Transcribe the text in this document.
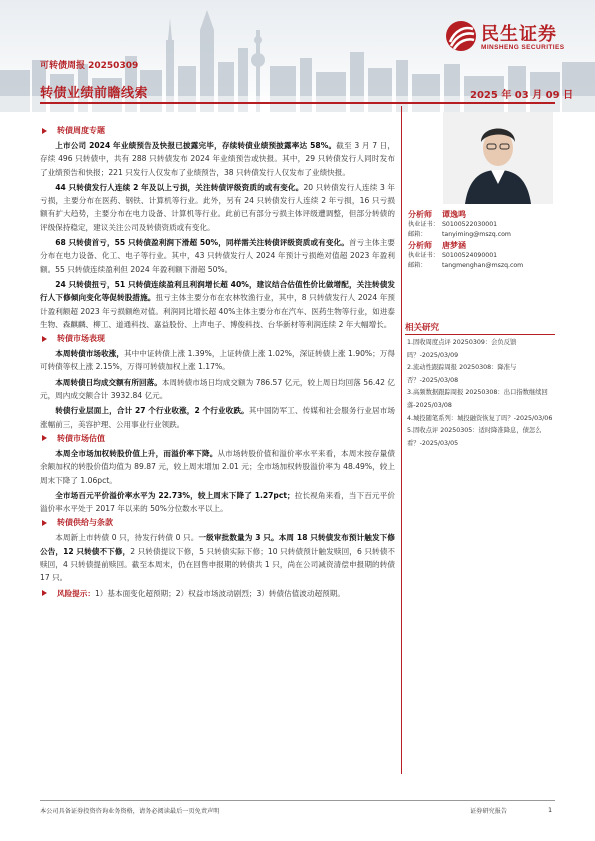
民生证券
MINSHENG SECURITIES
可转债周报 20250309
转债业绩前瞻线索	2025 年 03 月 09 日
转债周度专题

上市公司 2024 年业绩预告及快报已披露完毕，存续转债业绩预披露率达 58%。截至 3 月 7 日，存续 496 只转债中，共有 288 只转债发布 2024 年业绩预告或快报。其中，29 只转债发行人同时发布了业绩预告和快报；221 只发行人仅发布了业绩预告，38 只转债发行人仅发布了业绩快报。

44 只转债发行人连续 2 年及以上亏损，关注转债评级资质的或有变化。20 只转债发行人连续 3 年亏损，主要分布在医药、钢铁、计算机等行业。此外，另有 24 只转债发行人连续 2 年亏损，16 只亏损额有扩大趋势，主要分布在电力设备、计算机等行业。此前已有部分亏损主体评级遭调整，但部分转债的评级保持稳定，建议关注公司及转债资质或有变化。

68 只转债首亏，55 只转债盈利润下滑超 50%，同样需关注转债评级资质或有变化。首亏主体主要分布在电力设备、化工、电子等行业。其中，43 只转债发行人 2024 年预计亏损绝对值超 2023 年盈利额。55 只转债连续盈利但 2024 年盈利额下滑超 50%。

24 只转债扭亏，51 只转债连续盈利且利润增长超 40%，建议结合估值性价比做增配，关注转债发行人下修倾向变化等促转股措施。扭亏主体主要分布在农林牧渔行业，其中，8 只转债发行人 2024 年预计盈利额超 2023 年亏损额绝对值。利润同比增长超 40%主体主要分布在汽车、医药生物等行业，如进泰生物、森麒麟、柳工、道通科技、嘉益股份、上声电子、博俊科技、台华新材等利润连续 2 年大幅增长。

转债市场表现

本周转债市场收涨，其中中证转债上涨 1.39%，上证转债上涨 1.02%，深证转债上涨 1.90%；万得可转债等权上涨 2.15%，万得可转债加权上涨 1.17%。

本周转债日均成交额有所回落。本周转债市场日均成交额为 786.57 亿元，较上周日均回落 56.42 亿元，周内成交额合计 3932.84 亿元。

转债行业层面上，合计 27 个行业收涨，2 个行业收跌。其中国防军工、传媒和社会服务行业居市场涨幅前三，美容护理、公用事业行业领跌。

转债市场估值

本周全市场加权转股价值上升，而溢价率下降。从市场转股价值和溢价率水平来看，本周末按存量债余额加权的转股价值均值为 89.87 元，较上周末增加 2.01 元；全市场加权转股溢价率为 48.49%，较上周末下降了 1.06pct。

全市场百元平价溢价率水平为 22.73%，较上周末下降了 1.27pct；拉长视角来看，当下百元平价溢价率水平处于 2017 年以来的 50%分位数水平以上。

转债供给与条款

本周新上市转债 0 只，待发行转债 0 只。一级审批数量为 3 只。本周 18 只转债发布预计触发下修公告，12 只转债不下修，2 只转债提议下修，5 只转债实际下修；10 只转债预计触发赎回，6 只转债不赎回，4 只转债提前赎回。截至本周末，仍在回售申报期的转债共 1 只，尚在公司减资清偿申报期的转债 17 只。

风险提示：1）基本面变化超预期；2）权益市场波动剧烈；3）转债估值波动超预期。

分析师	谭逸鸣
执业证书： S0100522030001
邮箱：	tanyiming@mszq.com
分析师	唐梦涵
执业证书： S0100524090001
邮箱：	tangmenghan@mszq.com
相关研究
1.固收周度点评 20250309：会负反馈吗？-2025/03/09
2.流动性跟踪周报 20250308：降准与否？-2025/03/08
3.高频数据跟踪周报 20250308：出口指数继续回落-2025/03/08
4.城投随笔系列：城投融资恢复了吗？-2025/03/06
5.固收点评 20250305：适时降准降息，债怎么看？-2025/03/05
本公司具备证券投资咨询业务资格，请务必阅读最后一页免责声明	证券研究报告	1
